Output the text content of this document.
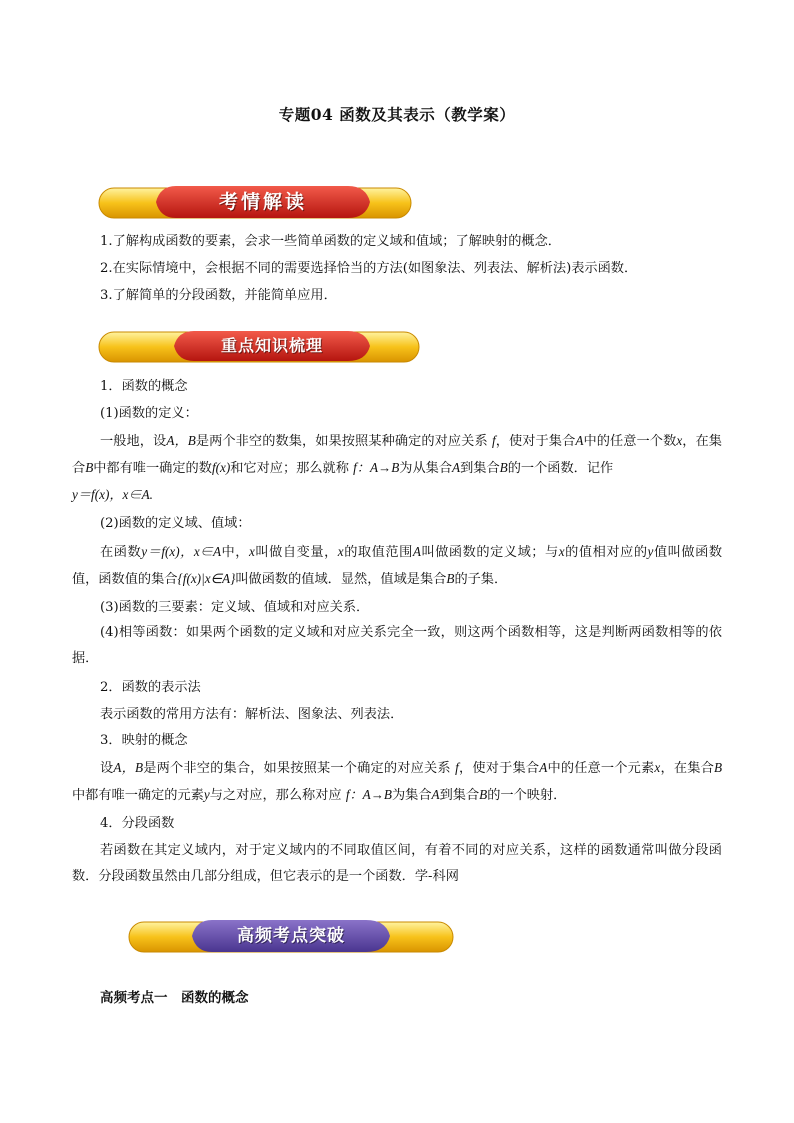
专题04 函数及其表示（教学案）
考情解读
1.了解构成函数的要素，会求一些简单函数的定义域和值域；了解映射的概念．
2.在实际情境中，会根据不同的需要选择恰当的方法(如图象法、列表法、解析法)表示函数．
3.了解简单的分段函数，并能简单应用．
重点知识梳理
1．函数的概念
(1)函数的定义：
一般地，设A，B是两个非空的数集，如果按照某种确定的对应关系 f，使对于集合A中的任意一个数x，在集合B中都有唯一确定的数f(x)和它对应；那么就称 f：A→B为从集合A到集合B的一个函数．记作
y＝f(x)，x∈A.
(2)函数的定义域、值域：
在函数y＝f(x)，x∈A中，x叫做自变量，x的取值范围A叫做函数的定义域；与x的值相对应的y值叫做函数值，函数值的集合{f(x)|x∈A}叫做函数的值域．显然，值域是集合B的子集．
(3)函数的三要素：定义域、值域和对应关系．
(4)相等函数：如果两个函数的定义域和对应关系完全一致，则这两个函数相等，这是判断两函数相等的依据．
2．函数的表示法
表示函数的常用方法有：解析法、图象法、列表法．
3．映射的概念
设A，B是两个非空的集合，如果按照某一个确定的对应关系 f，使对于集合A中的任意一个元素x，在集合B中都有唯一确定的元素y与之对应，那么称对应 f：A→B为集合A到集合B的一个映射．
4．分段函数
若函数在其定义域内，对于定义域内的不同取值区间，有着不同的对应关系，这样的函数通常叫做分段函数．分段函数虽然由几部分组成，但它表示的是一个函数．学-科网
高频考点突破
高频考点一　函数的概念
